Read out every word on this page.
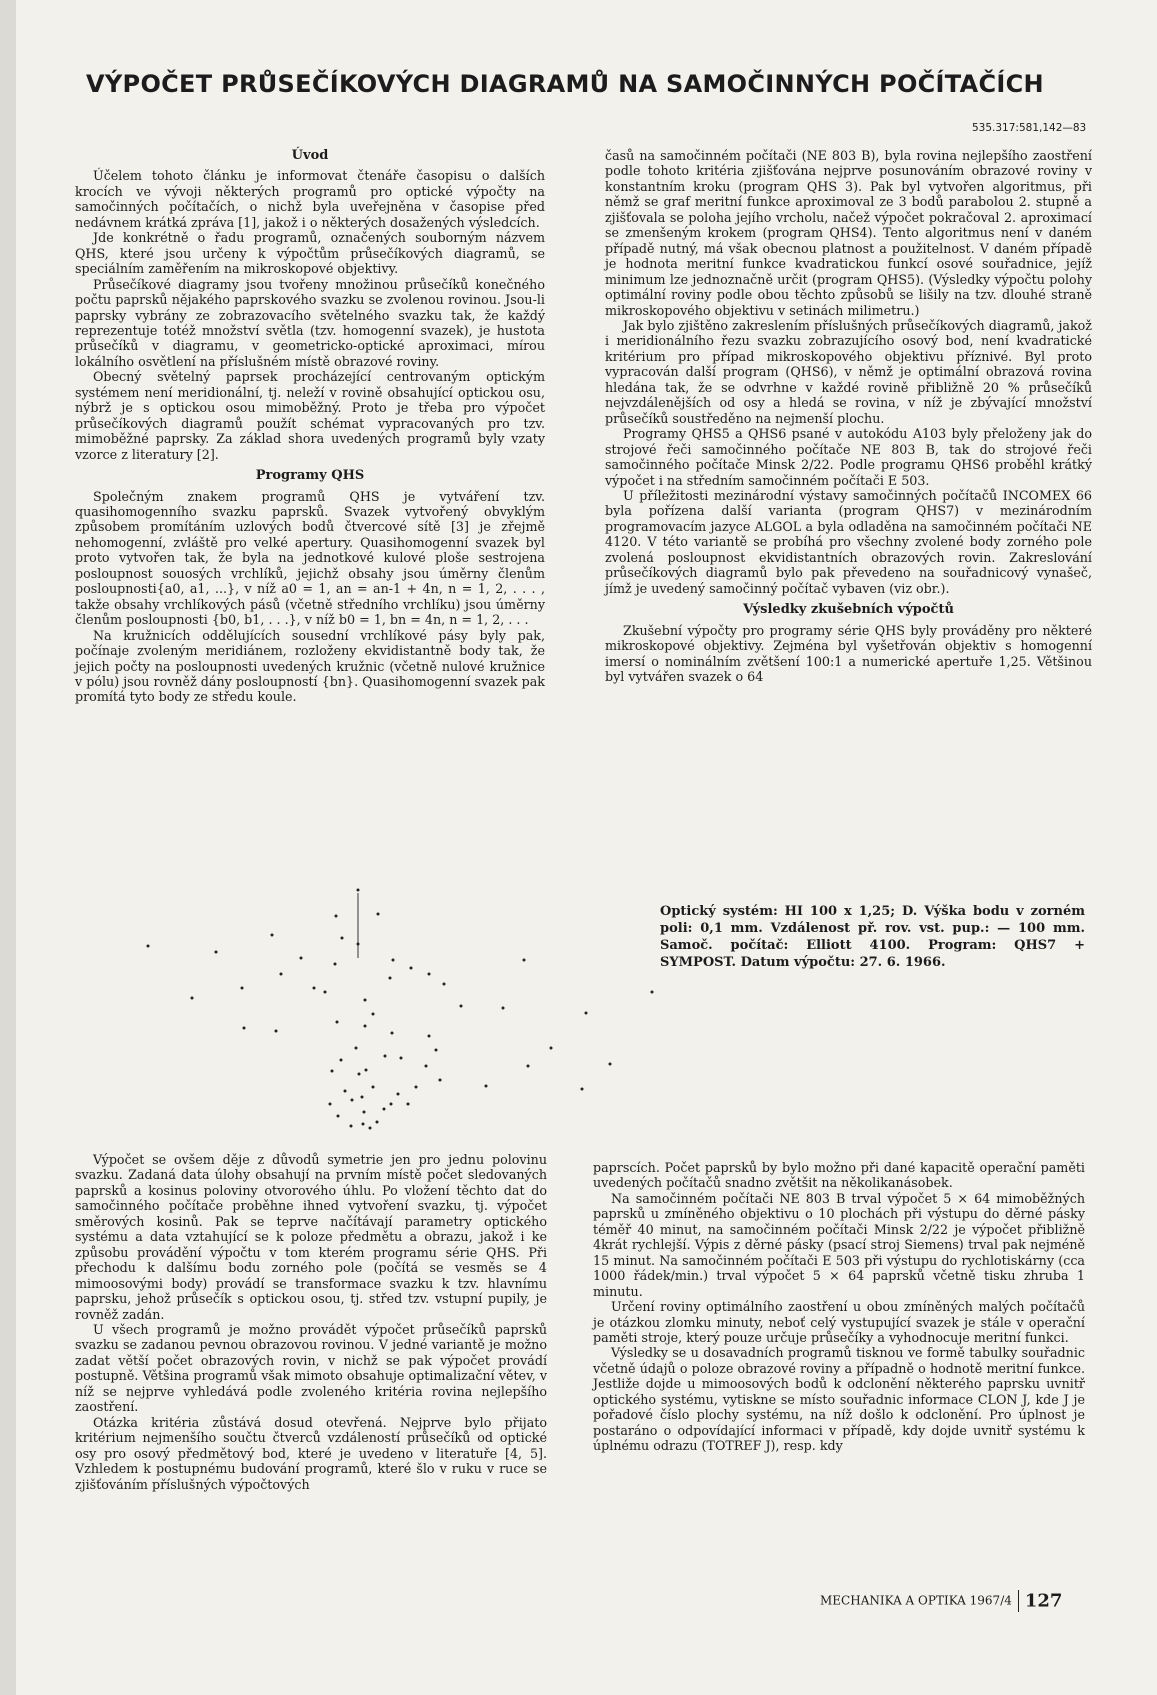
VÝPOČET PRŮSEČÍKOVÝCH DIAGRAMŮ NA SAMOČINNÝCH POČÍTAČÍCH
535.317:581,142—83
Úvod

Účelem tohoto článku je informovat čtenáře časopisu o dalších krocích ve vývoji některých programů pro optické výpočty na samočinných počítačích, o nichž byla uveřejněna v časopise před nedávnem krátká zpráva [1], jakož i o některých dosažených výsledcích.

Jde konkrétně o řadu programů, označených souborným názvem QHS, které jsou určeny k výpočtům průsečíkových diagramů, se speciálním zaměřením na mikroskopové objektivy.

Průsečíkové diagramy jsou tvořeny množinou průsečíků konečného počtu paprsků nějakého paprskového svazku se zvolenou rovinou. Jsou-li paprsky vybrány ze zobrazovacího světelného svazku tak, že každý reprezentuje totéž množství světla (tzv. homogenní svazek), je hustota průsečíků v diagramu, v geometricko-optické aproximaci, mírou lokálního osvětlení na příslušném místě obrazové roviny.

Obecný světelný paprsek procházející centrovaným optickým systémem není meridionální, tj. neleží v rovině obsahující optickou osu, nýbrž je s optickou osou mimoběžný. Proto je třeba pro výpočet průsečíkových diagramů použít schémat vypracovaných pro tzv. mimoběžné paprsky. Za základ shora uvedených programů byly vzaty vzorce z literatury [2].

Programy QHS

Společným znakem programů QHS je vytváření tzv. quasihomogenního svazku paprsků. Svazek vytvořený obvyklým způsobem promítáním uzlových bodů čtvercové sítě [3] je zřejmě nehomogenní, zvláště pro velké apertury. Quasihomogenní svazek byl proto vytvořen tak, že byla na jednotkové kulové ploše sestrojena posloupnost souosých vrchlíků, jejichž obsahy jsou úměrny členům posloupnosti{a0, a1, ...}, v níž a0 = 1, an = an-1 + 4n, n = 1, 2, . . . , takže obsahy vrchlíkových pásů (včetně středního vrchlíku) jsou úměrny členům posloupnosti {b0, b1, . . .}, v níž b0 = 1, bn = 4n, n = 1, 2, . . .

Na kružnicích oddělujících sousední vrchlíkové pásy byly pak, počínaje zvoleným meridiánem, rozloženy ekvidistantně body tak, že jejich počty na posloupnosti uvedených kružnic (včetně nulové kružnice v pólu) jsou rovněž dány posloupností {bn}. Quasihomogenní svazek pak promítá tyto body ze středu koule.

časů na samočinném počítači (NE 803 B), byla rovina nejlepšího zaostření podle tohoto kritéria zjišťována nejprve posunováním obrazové roviny v konstantním kroku (program QHS 3). Pak byl vytvořen algoritmus, při němž se graf meritní funkce aproximoval ze 3 bodů parabolou 2. stupně a zjišťovala se poloha jejího vrcholu, načež výpočet pokračoval 2. aproximací se zmenšeným krokem (program QHS4). Tento algoritmus není v daném případě nutný, má však obecnou platnost a použitelnost. V daném případě je hodnota meritní funkce kvadratickou funkcí osové souřadnice, jejíž minimum lze jednoznačně určit (program QHS5). (Výsledky výpočtu polohy optimální roviny podle obou těchto způsobů se lišily na tzv. dlouhé straně mikroskopového objektivu v setinách milimetru.)

Jak bylo zjištěno zakreslením příslušných průsečíkových diagramů, jakož i meridionálního řezu svazku zobrazujícího osový bod, není kvadratické kritérium pro případ mikroskopového objektivu příznivé. Byl proto vypracován další program (QHS6), v němž je optimální obrazová rovina hledána tak, že se odvrhne v každé rovině přibližně 20 % průsečíků nejvzdálenějších od osy a hledá se rovina, v níž je zbývající množství průsečíků soustředěno na nejmenší plochu.

Programy QHS5 a QHS6 psané v autokódu A103 byly přeloženy jak do strojové řeči samočinného počítače NE 803 B, tak do strojové řeči samočinného počítače Minsk 2/22. Podle programu QHS6 proběhl krátký výpočet i na středním samočinném počítači E 503.

U příležitosti mezinárodní výstavy samočinných počítačů INCOMEX 66 byla pořízena další varianta (program QHS7) v mezinárodním programovacím jazyce ALGOL a byla odladěna na samočinném počítači NE 4120. V této variantě se probíhá pro všechny zvolené body zorného pole zvolená posloupnost ekvidistantních obrazových rovin. Zakreslování průsečíkových diagramů bylo pak převedeno na souřadnicový vynašeč, jímž je uvedený samočinný počítač vybaven (viz obr.).

Výsledky zkušebních výpočtů

Zkušební výpočty pro programy série QHS byly prováděny pro některé mikroskopové objektivy. Zejména byl vyšetřován objektiv s homogenní imersí o nominálním zvětšení 100:1 a numerické apertuře 1,25. Většinou byl vytvářen svazek o 64

Optický systém: HI 100 x 1,25; D. Výška bodu v zorném poli: 0,1 mm. Vzdálenost př. rov. vst. pup.: — 100 mm. Samoč. počítač: Elliott 4100. Program: QHS7 + SYMPOST. Datum výpočtu: 27. 6. 1966.

Výpočet se ovšem děje z důvodů symetrie jen pro jednu polovinu svazku. Zadaná data úlohy obsahují na prvním místě počet sledovaných paprsků a kosinus poloviny otvorového úhlu. Po vložení těchto dat do samočinného počítače proběhne ihned vytvoření svazku, tj. výpočet směrových kosinů. Pak se teprve načítávají parametry optického systému a data vztahující se k poloze předmětu a obrazu, jakož i ke způsobu provádění výpočtu v tom kterém programu série QHS. Při přechodu k dalšímu bodu zorného pole (počítá se vesměs se 4 mimoosovými body) provádí se transformace svazku k tzv. hlavnímu paprsku, jehož průsečík s optickou osou, tj. střed tzv. vstupní pupily, je rovněž zadán.

U všech programů je možno provádět výpočet průsečíků paprsků svazku se zadanou pevnou obrazovou rovinou. V jedné variantě je možno zadat větší počet obrazových rovin, v nichž se pak výpočet provádí postupně. Většina programů však mimoto obsahuje optimalizační větev, v níž se nejprve vyhledává podle zvoleného kritéria rovina nejlepšího zaostření.

Otázka kritéria zůstává dosud otevřená. Nejprve bylo přijato kritérium nejmenšího součtu čtverců vzdáleností průsečíků od optické osy pro osový předmětový bod, které je uvedeno v literatuře [4, 5]. Vzhledem k postupnému budování programů, které šlo v ruku v ruce se zjišťováním příslušných výpočtových

paprscích. Počet paprsků by bylo možno při dané kapacitě operační paměti uvedených počítačů snadno zvětšit na několikanásobek.

Na samočinném počítači NE 803 B trval výpočet 5 × 64 mimoběžných paprsků u zmíněného objektivu o 10 plochách při výstupu do děrné pásky téměř 40 minut, na samočinném počítači Minsk 2/22 je výpočet přibližně 4krát rychlejší. Výpis z děrné pásky (psací stroj Siemens) trval pak nejméně 15 minut. Na samočinném počítači E 503 při výstupu do rychlotiskárny (cca 1000 řádek/min.) trval výpočet 5 × 64 paprsků včetně tisku zhruba 1 minutu.

Určení roviny optimálního zaostření u obou zmíněných malých počítačů je otázkou zlomku minuty, neboť celý vystupující svazek je stále v operační paměti stroje, který pouze určuje průsečíky a vyhodnocuje meritní funkci.

Výsledky se u dosavadních programů tisknou ve formě tabulky souřadnic včetně údajů o poloze obrazové roviny a případně o hodnotě meritní funkce. Jestliže dojde u mimoosových bodů k odclonění některého paprsku uvnitř optického systému, vytiskne se místo souřadnic informace CLON J, kde J je pořadové číslo plochy systému, na níž došlo k odclonění. Pro úplnost je postaráno o odpovídající informaci v případě, kdy dojde uvnitř systému k úplnému odrazu (TOTREF J), resp. kdy

MECHANIKA A OPTIKA 1967/4 127
